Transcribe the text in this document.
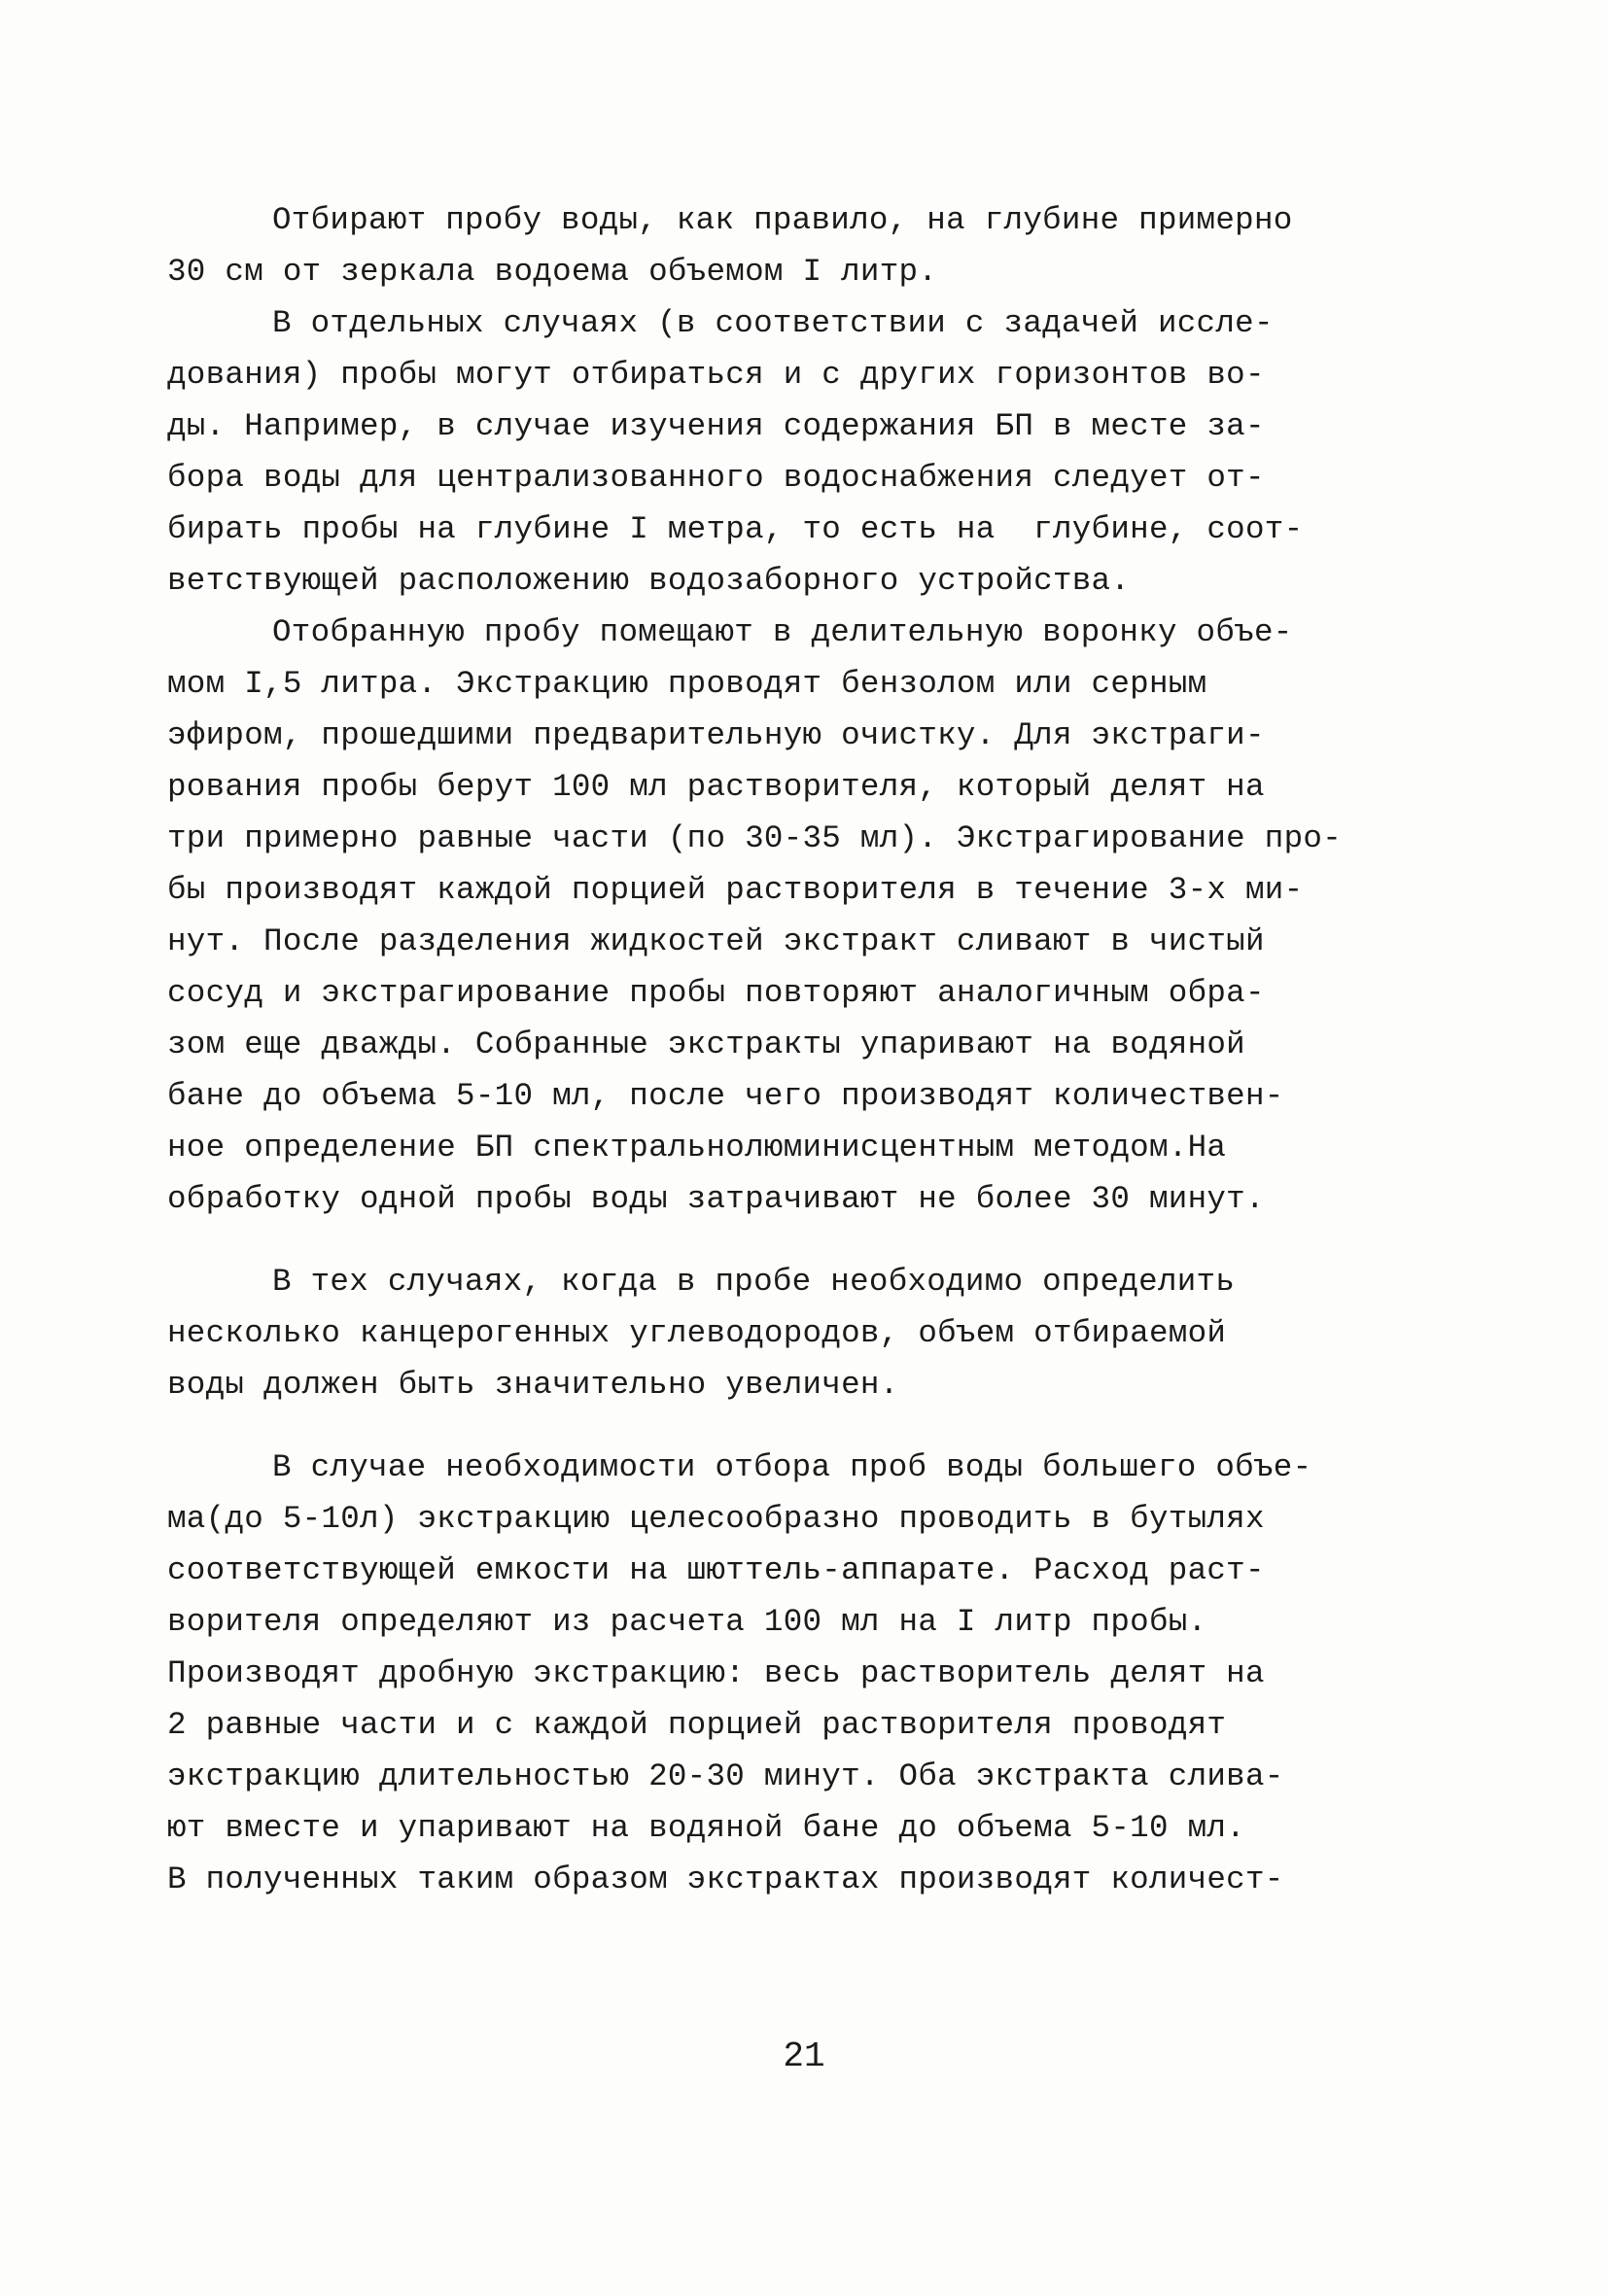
Отбирают пробу воды, как правило, на глубине примерно
30 см от зеркала водоема объемом I литр.
В отдельных случаях (в соответствии с задачей иссле-
дования) пробы могут отбираться и с других горизонтов во-
ды. Например, в случае изучения содержания БП в месте за-
бора воды для централизованного водоснабжения следует от-
бирать пробы на глубине I метра, то есть на  глубине, соот-
ветствующей расположению водозаборного устройства.
Отобранную пробу помещают в делительную воронку объе-
мом I,5 литра. Экстракцию проводят бензолом или серным
эфиром, прошедшими предварительную очистку. Для экстраги-
рования пробы берут 100 мл растворителя, который делят на
три примерно равные части (по 30-35 мл). Экстрагирование про-
бы производят каждой порцией растворителя в течение 3-х ми-
нут. После разделения жидкостей экстракт сливают в чистый
сосуд и экстрагирование пробы повторяют аналогичным обра-
зом еще дважды. Собранные экстракты упаривают на водяной
бане до объема 5-10 мл, после чего производят количествен-
ное определение БП спектральнолюминисцентным методом.На
обработку одной пробы воды затрачивают не более 30 минут.
В тех случаях, когда в пробе необходимо определить
несколько канцерогенных углеводородов, объем отбираемой
воды должен быть значительно увеличен.
В случае необходимости отбора проб воды большего объе-
ма(до 5-10л) экстракцию целесообразно проводить в бутылях
соответствующей емкости на шюттель-аппарате. Расход раст-
ворителя определяют из расчета 100 мл на I литр пробы.
Производят дробную экстракцию: весь растворитель делят на
2 равные части и с каждой порцией растворителя проводят
экстракцию длительностью 20-30 минут. Оба экстракта слива-
ют вместе и упаривают на водяной бане до объема 5-10 мл.
В полученных таким образом экстрактах производят количест-
21
